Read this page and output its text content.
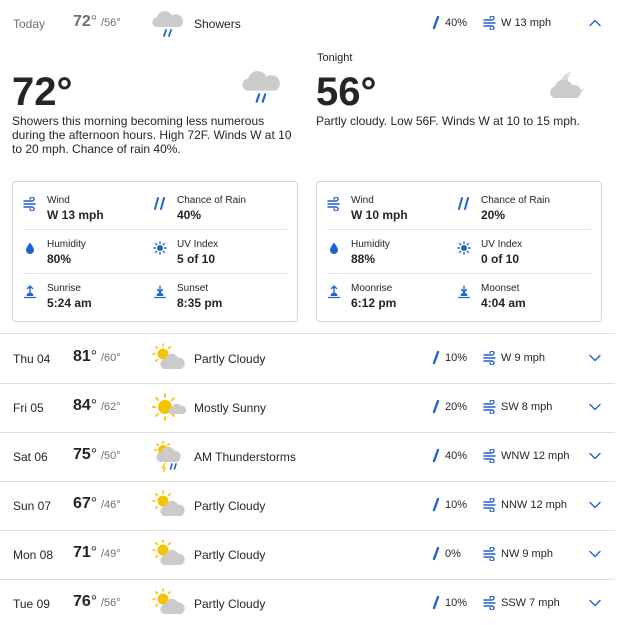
Today 72° /56°	Showers	40%	W 13 mph
72°
Showers this morning becoming less numerous during the afternoon hours. High 72F. Winds W at 10 to 20 mph. Chance of rain 40%.
Wind
W 13 mph
Chance of Rain
40%
Humidity
80%
UV Index
5 of 10
Sunrise
5:24 am
Sunset
8:35 pm
Tonight
56°
Partly cloudy. Low 56F. Winds W at 10 to 15 mph.
Wind
W 10 mph
Chance of Rain
20%
Humidity
88%
UV Index
0 of 10
Moonrise
6:12 pm
Moonset
4:04 am
Thu 04 81° /60°	Partly Cloudy	10%	W 9 mph
Fri 05 84° /62°	Mostly Sunny	20%	SW 8 mph
Sat 06 75° /50°	AM Thunderstorms	40%	WNW 12 mph
Sun 07 67° /46°	Partly Cloudy	10%	NNW 12 mph
Mon 08 71° /49°	Partly Cloudy	0%	NW 9 mph
Tue 09 76° /56°	Partly Cloudy	10%	SSW 7 mph
